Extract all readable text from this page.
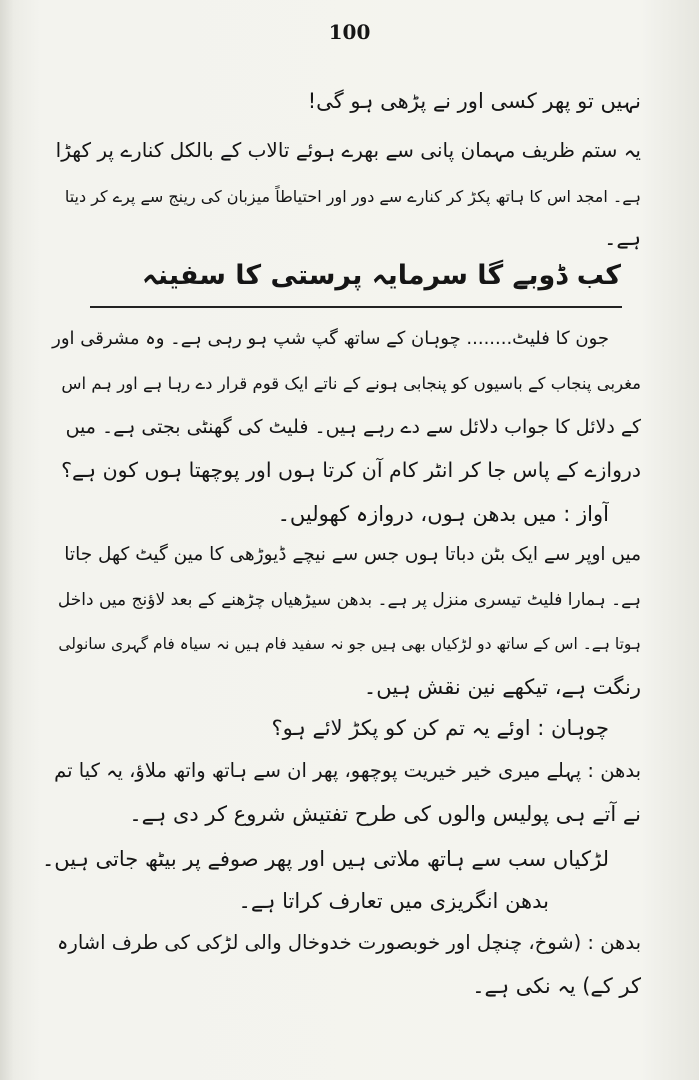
100
نہیں تو پھر کسی اور نے پڑھی ہو گی!
یہ ستم ظریف مہمان پانی سے بھرے ہوئے تالاب کے بالکل کنارے پر کھڑا
ہے۔ امجد اس کا ہاتھ پکڑ کر کنارے سے دور اور احتیاطاً میزبان کی رینج سے پرے کر دیتا
ہے۔
کب ڈوبے گا سرمایہ پرستی کا سفینہ
جون کا فلیٹ........ چوہان کے ساتھ گپ شپ ہو رہی ہے۔ وہ مشرقی اور
مغربی پنجاب کے باسیوں کو پنجابی ہونے کے ناتے ایک قوم قرار دے رہا ہے اور ہم اس
کے دلائل کا جواب دلائل سے دے رہے ہیں۔ فلیٹ کی گھنٹی بجتی ہے۔ میں
دروازے کے پاس جا کر انٹر کام آن کرتا ہوں اور پوچھتا ہوں کون ہے؟
آواز : میں بدھن ہوں، دروازہ کھولیں۔
میں اوپر سے ایک بٹن دباتا ہوں جس سے نیچے ڈیوڑھی کا مین گیٹ کھل جاتا
ہے۔ ہمارا فلیٹ تیسری منزل پر ہے۔ بدھن سیڑھیاں چڑھنے کے بعد لاؤنج میں داخل
ہوتا ہے۔ اس کے ساتھ دو لڑکیاں بھی ہیں جو نہ سفید فام ہیں نہ سیاہ فام گہری سانولی
رنگت ہے، تیکھے نین نقش ہیں۔
چوہان : اوئے یہ تم کن کو پکڑ لائے ہو؟
بدھن : پہلے میری خیر خیریت پوچھو، پھر ان سے ہاتھ واتھ ملاؤ، یہ کیا تم
نے آتے ہی پولیس والوں کی طرح تفتیش شروع کر دی ہے۔
لڑکیاں سب سے ہاتھ ملاتی ہیں اور پھر صوفے پر بیٹھ جاتی ہیں۔
بدھن انگریزی میں تعارف کراتا ہے۔
بدھن : (شوخ، چنچل اور خوبصورت خدوخال والی لڑکی کی طرف اشارہ
کر کے) یہ نکی ہے۔
